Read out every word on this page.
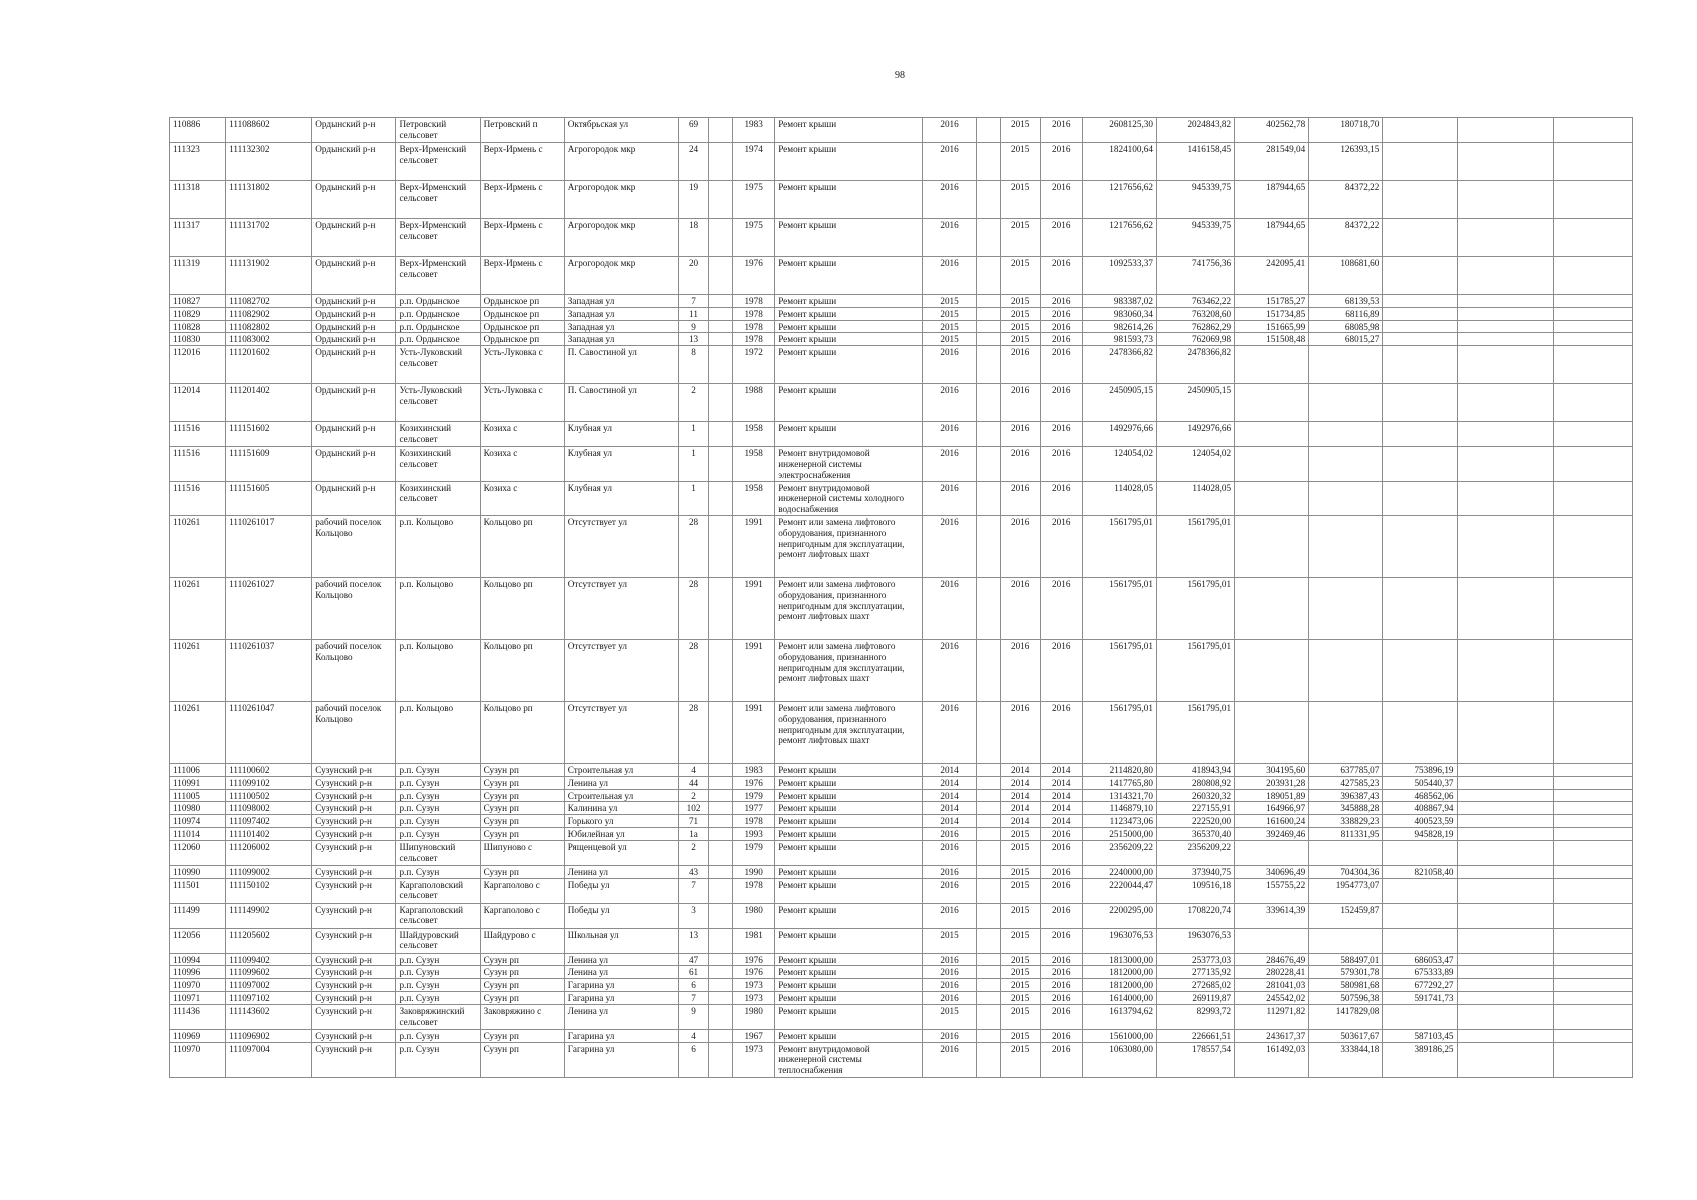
98
110886	111088602	Ордынский р-н	Петровский сельсовет	Петровский п	Октябрьская ул	69		1983	Ремонт крыши	2016		2015	2016	2608125,30	2024843,82	402562,78	180718,70			
111323	111132302	Ордынский р-н	Верх-Ирменский сельсовет	Верх-Ирмень с	Агрогородок мкр	24		1974	Ремонт крыши	2016		2015	2016	1824100,64	1416158,45	281549,04	126393,15			
111318	111131802	Ордынский р-н	Верх-Ирменский сельсовет	Верх-Ирмень с	Агрогородок мкр	19		1975	Ремонт крыши	2016		2015	2016	1217656,62	945339,75	187944,65	84372,22			
111317	111131702	Ордынский р-н	Верх-Ирменский сельсовет	Верх-Ирмень с	Агрогородок мкр	18		1975	Ремонт крыши	2016		2015	2016	1217656,62	945339,75	187944,65	84372,22			
111319	111131902	Ордынский р-н	Верх-Ирменский сельсовет	Верх-Ирмень с	Агрогородок мкр	20		1976	Ремонт крыши	2016		2015	2016	1092533,37	741756,36	242095,41	108681,60			
110827	111082702	Ордынский р-н	р.п. Ордынское	Ордынское рп	Западная ул	7		1978	Ремонт крыши	2015		2015	2016	983387,02	763462,22	151785,27	68139,53			
110829	111082902	Ордынский р-н	р.п. Ордынское	Ордынское рп	Западная ул	11		1978	Ремонт крыши	2015		2015	2016	983060,34	763208,60	151734,85	68116,89			
110828	111082802	Ордынский р-н	р.п. Ордынское	Ордынское рп	Западная ул	9		1978	Ремонт крыши	2015		2015	2016	982614,26	762862,29	151665,99	68085,98			
110830	111083002	Ордынский р-н	р.п. Ордынское	Ордынское рп	Западная ул	13		1978	Ремонт крыши	2015		2015	2016	981593,73	762069,98	151508,48	68015,27			
112016	111201602	Ордынский р-н	Усть-Луковский сельсовет	Усть-Луковка с	П. Савостиной ул	8		1972	Ремонт крыши	2016		2016	2016	2478366,82	2478366,82					
112014	111201402	Ордынский р-н	Усть-Луковский сельсовет	Усть-Луковка с	П. Савостиной ул	2		1988	Ремонт крыши	2016		2016	2016	2450905,15	2450905,15					
111516	111151602	Ордынский р-н	Козихинский сельсовет	Козиха с	Клубная ул	1		1958	Ремонт крыши	2016		2016	2016	1492976,66	1492976,66					
111516	111151609	Ордынский р-н	Козихинский сельсовет	Козиха с	Клубная ул	1		1958	Ремонт внутридомовой инженерной системы электроснабжения	2016		2016	2016	124054,02	124054,02					
111516	111151605	Ордынский р-н	Козихинский сельсовет	Козиха с	Клубная ул	1		1958	Ремонт внутридомовой инженерной системы холодного водоснабжения	2016		2016	2016	114028,05	114028,05					
110261	1110261017	рабочий поселок Кольцово	р.п. Кольцово	Кольцово рп	Отсутствует ул	28		1991	Ремонт или замена лифтового оборудования, признанного непригодным для эксплуатации, ремонт лифтовых шахт	2016		2016	2016	1561795,01	1561795,01					
110261	1110261027	рабочий поселок Кольцово	р.п. Кольцово	Кольцово рп	Отсутствует ул	28		1991	Ремонт или замена лифтового оборудования, признанного непригодным для эксплуатации, ремонт лифтовых шахт	2016		2016	2016	1561795,01	1561795,01					
110261	1110261037	рабочий поселок Кольцово	р.п. Кольцово	Кольцово рп	Отсутствует ул	28		1991	Ремонт или замена лифтового оборудования, признанного непригодным для эксплуатации, ремонт лифтовых шахт	2016		2016	2016	1561795,01	1561795,01					
110261	1110261047	рабочий поселок Кольцово	р.п. Кольцово	Кольцово рп	Отсутствует ул	28		1991	Ремонт или замена лифтового оборудования, признанного непригодным для эксплуатации, ремонт лифтовых шахт	2016		2016	2016	1561795,01	1561795,01					
111006	111100602	Сузунский р-н	р.п. Сузун	Сузун рп	Строительная ул	4		1983	Ремонт крыши	2014		2014	2014	2114820,80	418943,94	304195,60	637785,07	753896,19		
110991	111099102	Сузунский р-н	р.п. Сузун	Сузун рп	Ленина ул	44		1976	Ремонт крыши	2014		2014	2014	1417765,80	280808,92	203931,28	427585,23	505440,37		
111005	111100502	Сузунский р-н	р.п. Сузун	Сузун рп	Строительная ул	2		1979	Ремонт крыши	2014		2014	2014	1314321,70	260320,32	189051,89	396387,43	468562,06		
110980	111098002	Сузунский р-н	р.п. Сузун	Сузун рп	Калинина ул	102		1977	Ремонт крыши	2014		2014	2014	1146879,10	227155,91	164966,97	345888,28	408867,94		
110974	111097402	Сузунский р-н	р.п. Сузун	Сузун рп	Горького ул	71		1978	Ремонт крыши	2014		2014	2014	1123473,06	222520,00	161600,24	338829,23	400523,59		
111014	111101402	Сузунский р-н	р.п. Сузун	Сузун рп	Юбилейная ул	1а		1993	Ремонт крыши	2016		2015	2016	2515000,00	365370,40	392469,46	811331,95	945828,19		
112060	111206002	Сузунский р-н	Шипуновский сельсовет	Шипуново с	Рященцевой ул	2		1979	Ремонт крыши	2016		2015	2016	2356209,22	2356209,22					
110990	111099002	Сузунский р-н	р.п. Сузун	Сузун рп	Ленина ул	43		1990	Ремонт крыши	2016		2015	2016	2240000,00	373940,75	340696,49	704304,36	821058,40		
111501	111150102	Сузунский р-н	Каргаполовский сельсовет	Каргаполово с	Победы ул	7		1978	Ремонт крыши	2016		2015	2016	2220044,47	109516,18	155755,22	1954773,07			
111499	111149902	Сузунский р-н	Каргаполовский сельсовет	Каргаполово с	Победы ул	3		1980	Ремонт крыши	2016		2015	2016	2200295,00	1708220,74	339614,39	152459,87			
112056	111205602	Сузунский р-н	Шайдуровский сельсовет	Шайдурово с	Школьная ул	13		1981	Ремонт крыши	2015		2015	2016	1963076,53	1963076,53					
110994	111099402	Сузунский р-н	р.п. Сузун	Сузун рп	Ленина ул	47		1976	Ремонт крыши	2016		2015	2016	1813000,00	253773,03	284676,49	588497,01	686053,47		
110996	111099602	Сузунский р-н	р.п. Сузун	Сузун рп	Ленина ул	61		1976	Ремонт крыши	2016		2015	2016	1812000,00	277135,92	280228,41	579301,78	675333,89		
110970	111097002	Сузунский р-н	р.п. Сузун	Сузун рп	Гагарина ул	6		1973	Ремонт крыши	2016		2015	2016	1812000,00	272685,02	281041,03	580981,68	677292,27		
110971	111097102	Сузунский р-н	р.п. Сузун	Сузун рп	Гагарина ул	7		1973	Ремонт крыши	2016		2015	2016	1614000,00	269119,87	245542,02	507596,38	591741,73		
111436	111143602	Сузунский р-н	Заковряжинский сельсовет	Заковряжино с	Ленина ул	9		1980	Ремонт крыши	2015		2015	2016	1613794,62	82993,72	112971,82	1417829,08			
110969	111096902	Сузунский р-н	р.п. Сузун	Сузун рп	Гагарина ул	4		1967	Ремонт крыши	2016		2015	2016	1561000,00	226661,51	243617,37	503617,67	587103,45		
110970	111097004	Сузунский р-н	р.п. Сузун	Сузун рп	Гагарина ул	6		1973	Ремонт внутридомовой инженерной системы теплоснабжения	2016		2015	2016	1063080,00	178557,54	161492,03	333844,18	389186,25		
